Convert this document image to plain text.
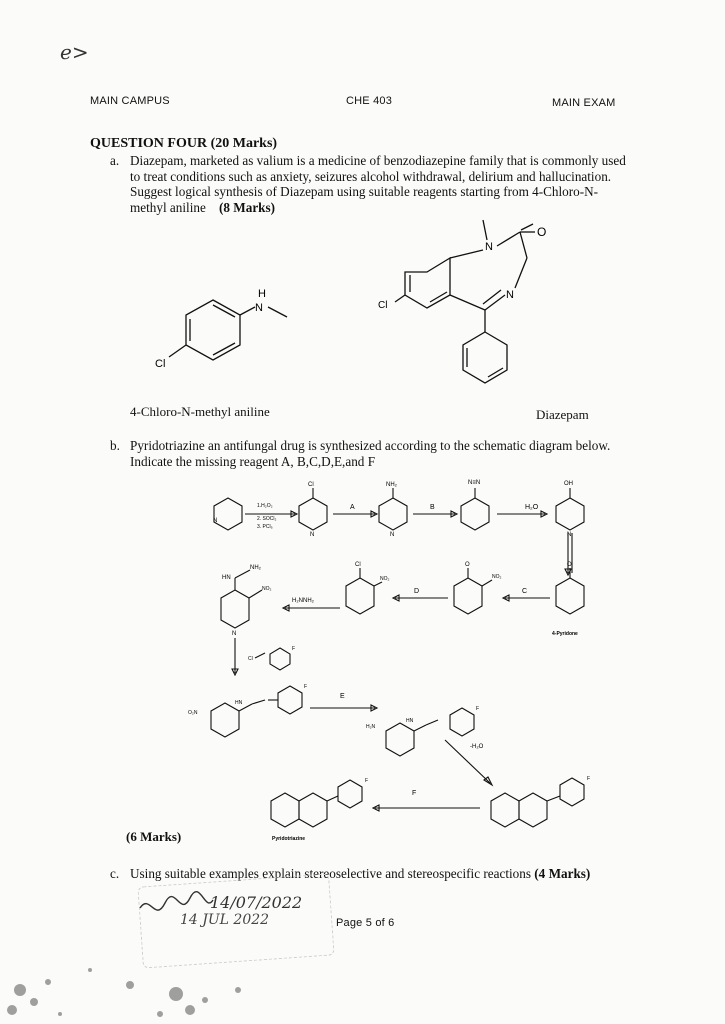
e>
MAIN CAMPUS	CHE 403	MAIN EXAM
QUESTION FOUR (20 Marks)
a. Diazepam, marketed as valium is a medicine of benzodiazepine family that is commonly used to treat conditions such as anxiety, seizures alcohol withdrawal, delirium and hallucination. Suggest logical synthesis of Diazepam using suitable reagents starting from 4-Chloro-N-methyl aniline (8 Marks)
H
N
Cl
N
O
N
Cl
4-Chloro-N-methyl aniline	Diazepam
b. Pyridotriazine an antifungal drug is synthesized according to the schematic diagram below. Indicate the missing reagent A, B,C,D,E,and F
N
1.H₂O₂
2. SOCl₂
3. PCl₅
Cl
N
A
NH₂
N
B
N≡N
H₂O
OH
N
O
4-Pyridone
C
O
NO₂
D
Cl
NO₂
H₂NNH₂
HN
NH₂
NO₂
N
Cl
F
O₂N
HN
F
E
H₂N
HN
F
-H₂O
F
F
F
Pyridotriazine
(6 Marks)
c. Using suitable examples explain stereoselective and stereospecific reactions (4 Marks)
14/07/2022
14 JUL 2022	Page 5 of 6
